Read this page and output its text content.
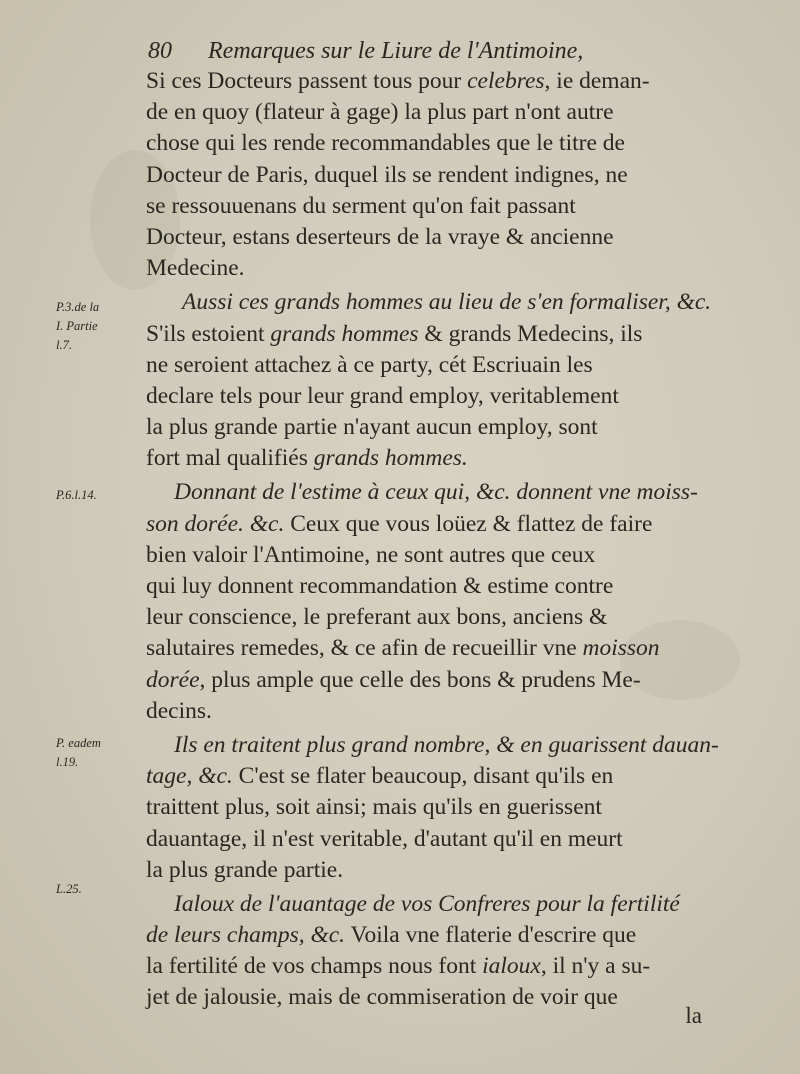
80 Remarques sur le Liure de l'Antimoine,
P.3.de la
I. Partie
l.7.
P.6.l.14.
P. eadem
l.19.
L.25.
Si ces Docteurs passent tous pour celebres, ie deman-
de en quoy (flateur à gage) la plus part n'ont autre
chose qui les rende recommandables que le titre de
Docteur de Paris, duquel ils se rendent indignes, ne
se ressouuenans du serment qu'on fait passant
Docteur, estans deserteurs de la vraye & ancienne
Medecine.
Aussi ces grands hommes au lieu de s'en formaliser, &c.
S'ils estoient grands hommes & grands Medecins, ils
ne seroient attachez à ce party, cét Escriuain les
declare tels pour leur grand employ, veritablement
la plus grande partie n'ayant aucun employ, sont
fort mal qualifiés grands hommes.
Donnant de l'estime à ceux qui, &c. donnent vne moiss-
son dorée. &c. Ceux que vous loüez & flattez de faire
bien valoir l'Antimoine, ne sont autres que ceux
qui luy donnent recommandation & estime contre
leur conscience, le preferant aux bons, anciens &
salutaires remedes, & ce afin de recueillir vne moisson
dorée, plus ample que celle des bons & prudens Me-
decins.
Ils en traitent plus grand nombre, & en guarissent dauan-
tage, &c. C'est se flater beaucoup, disant qu'ils en
traittent plus, soit ainsi; mais qu'ils en guerissent
dauantage, il n'est veritable, d'autant qu'il en meurt
la plus grande partie.
Ialoux de l'auantage de vos Confreres pour la fertilité
de leurs champs, &c. Voila vne flaterie d'escrire que
la fertilité de vos champs nous font ialoux, il n'y a su-
jet de jalousie, mais de commiseration de voir que
la
